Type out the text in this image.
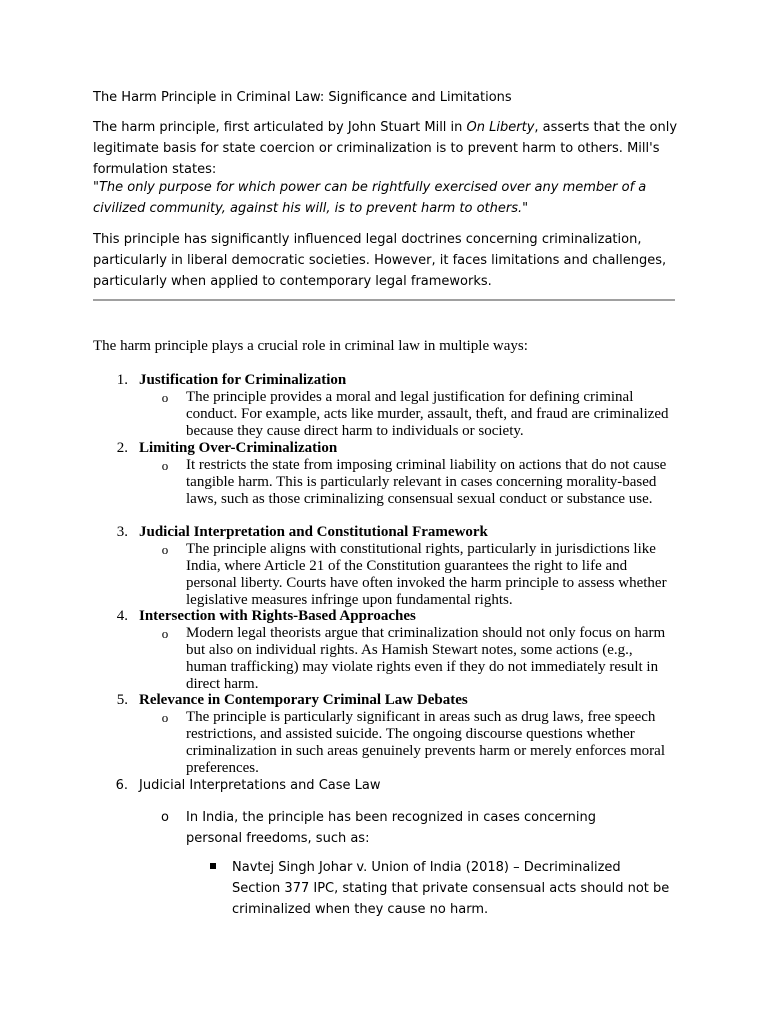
The Harm Principle in Criminal Law: Significance and Limitations
The harm principle, first articulated by John Stuart Mill in On Liberty, asserts that the only legitimate basis for state coercion or criminalization is to prevent harm to others. Mill's formulation states:
"The only purpose for which power can be rightfully exercised over any member of a civilized community, against his will, is to prevent harm to others."
This principle has significantly influenced legal doctrines concerning criminalization, particularly in liberal democratic societies. However, it faces limitations and challenges, particularly when applied to contemporary legal frameworks.
The harm principle plays a crucial role in criminal law in multiple ways:
1. Justification for Criminalization
o The principle provides a moral and legal justification for defining criminal conduct. For example, acts like murder, assault, theft, and fraud are criminalized because they cause direct harm to individuals or society.
2. Limiting Over-Criminalization
o It restricts the state from imposing criminal liability on actions that do not cause tangible harm. This is particularly relevant in cases concerning morality-based laws, such as those criminalizing consensual sexual conduct or substance use.
3. Judicial Interpretation and Constitutional Framework
o The principle aligns with constitutional rights, particularly in jurisdictions like India, where Article 21 of the Constitution guarantees the right to life and personal liberty. Courts have often invoked the harm principle to assess whether legislative measures infringe upon fundamental rights.
4. Intersection with Rights-Based Approaches
o Modern legal theorists argue that criminalization should not only focus on harm but also on individual rights. As Hamish Stewart notes, some actions (e.g., human trafficking) may violate rights even if they do not immediately result in direct harm.
5. Relevance in Contemporary Criminal Law Debates
o The principle is particularly significant in areas such as drug laws, free speech restrictions, and assisted suicide. The ongoing discourse questions whether criminalization in such areas genuinely prevents harm or merely enforces moral preferences.
6. Judicial Interpretations and Case Law
o In India, the principle has been recognized in cases concerning personal freedoms, such as:
Navtej Singh Johar v. Union of India (2018) – Decriminalized Section 377 IPC, stating that private consensual acts should not be criminalized when they cause no harm.
